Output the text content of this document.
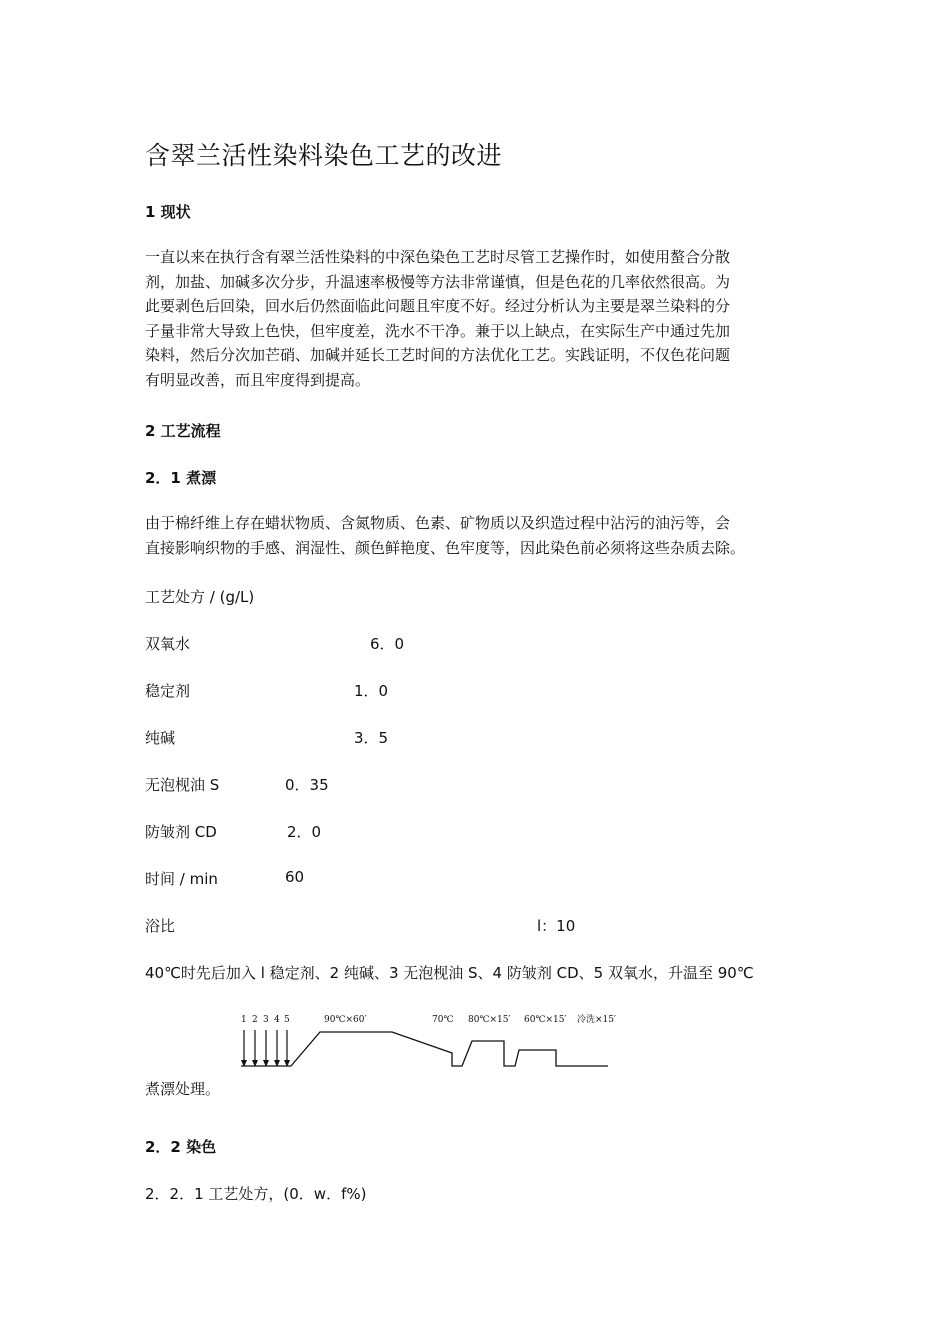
含翠兰活性染料染色工艺的改进
1 现状
一直以来在执行含有翠兰活性染料的中深色染色工艺时尽管工艺操作时，如使用螯合分散
剂，加盐、加碱多次分步，升温速率极慢等方法非常谨慎，但是色花的几率依然很高。为
此要剥色后回染，回水后仍然面临此问题且牢度不好。经过分析认为主要是翠兰染料的分
子量非常大导致上色快，但牢度差，洗水不干净。兼于以上缺点，在实际生产中通过先加
染料，然后分次加芒硝、加碱并延长工艺时间的方法优化工艺。实践证明，不仅色花问题
有明显改善，而且牢度得到提高。
2 工艺流程
2．1 煮漂
由于棉纤维上存在蜡状物质、含氮物质、色素、矿物质以及织造过程中沾污的油污等，会
直接影响织物的手感、润湿性、颜色鲜艳度、色牢度等，因此染色前必须将这些杂质去除。
工艺处方 / (g/L)
双氧水	6．0
稳定剂	1．0
纯碱	3．5
无泡枧油 S	0．35
防皱剂 CD	2．0
时间 / min	60
浴比	l：10
40℃时先后加入 l 稳定剂、2 纯碱、3 无泡枧油 S、4 防皱剂 CD、5 双氧水，升温至 90℃
1 2 3 4 5	90℃×60′	70℃ 80℃×15′ 60℃×15′ 冷洗×15′
煮漂处理。
2．2 染色
2．2．1 工艺处方，(0．w．f%)
